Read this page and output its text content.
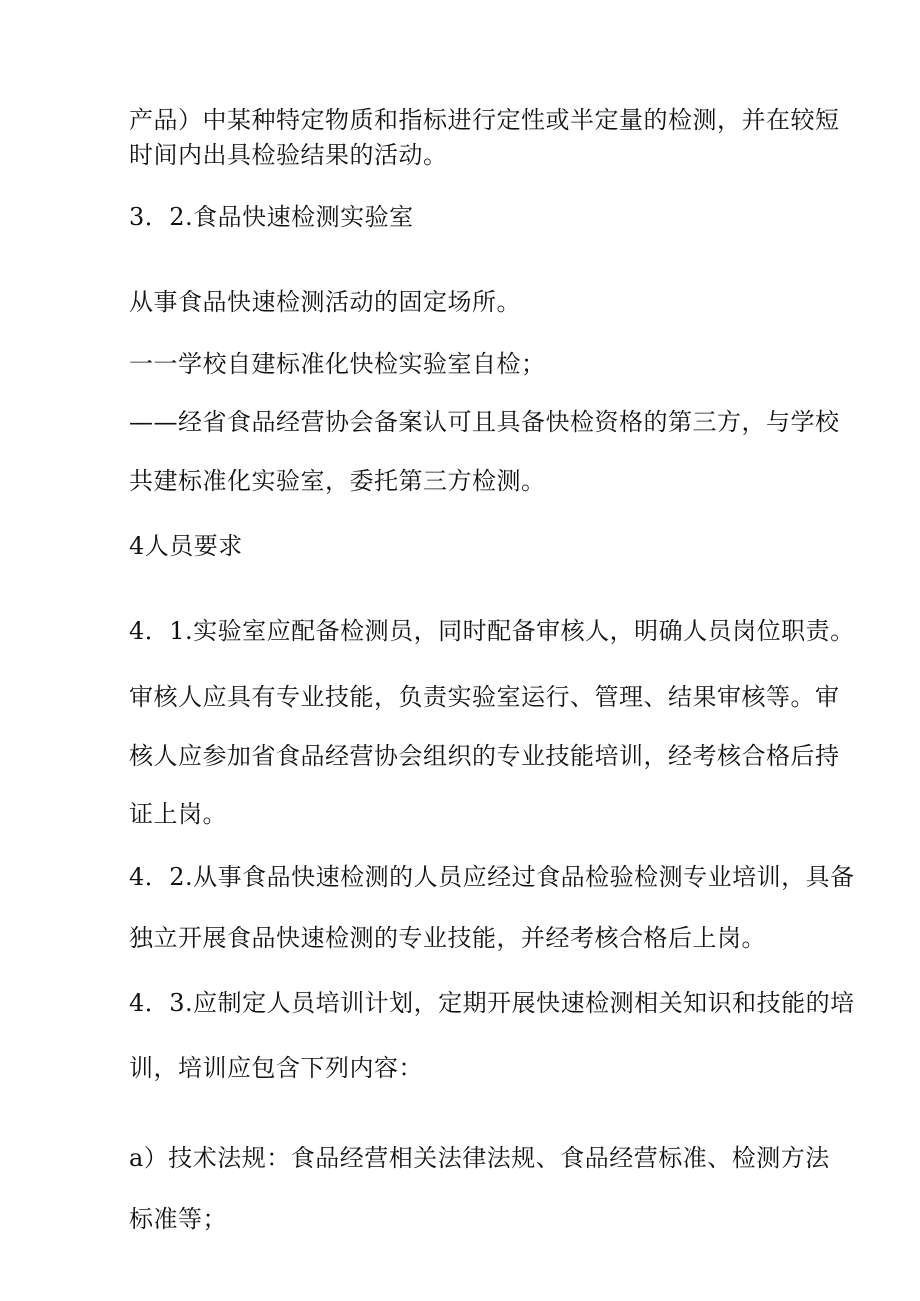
产品）中某种特定物质和指标进行定性或半定量的检测，并在较短
时间内出具检验结果的活动。
3．2.食品快速检测实验室
从事食品快速检测活动的固定场所。
一一学校自建标准化快检实验室自检；
——经省食品经营协会备案认可且具备快检资格的第三方，与学校
共建标准化实验室，委托第三方检测。
4人员要求
4．1.实验室应配备检测员，同时配备审核人，明确人员岗位职责。
审核人应具有专业技能，负责实验室运行、管理、结果审核等。审
核人应参加省食品经营协会组织的专业技能培训，经考核合格后持
证上岗。
4．2.从事食品快速检测的人员应经过食品检验检测专业培训，具备
独立开展食品快速检测的专业技能，并经考核合格后上岗。
4．3.应制定人员培训计划，定期开展快速检测相关知识和技能的培
训，培训应包含下列内容：
a）技术法规：食品经营相关法律法规、食品经营标准、检测方法
标准等；
